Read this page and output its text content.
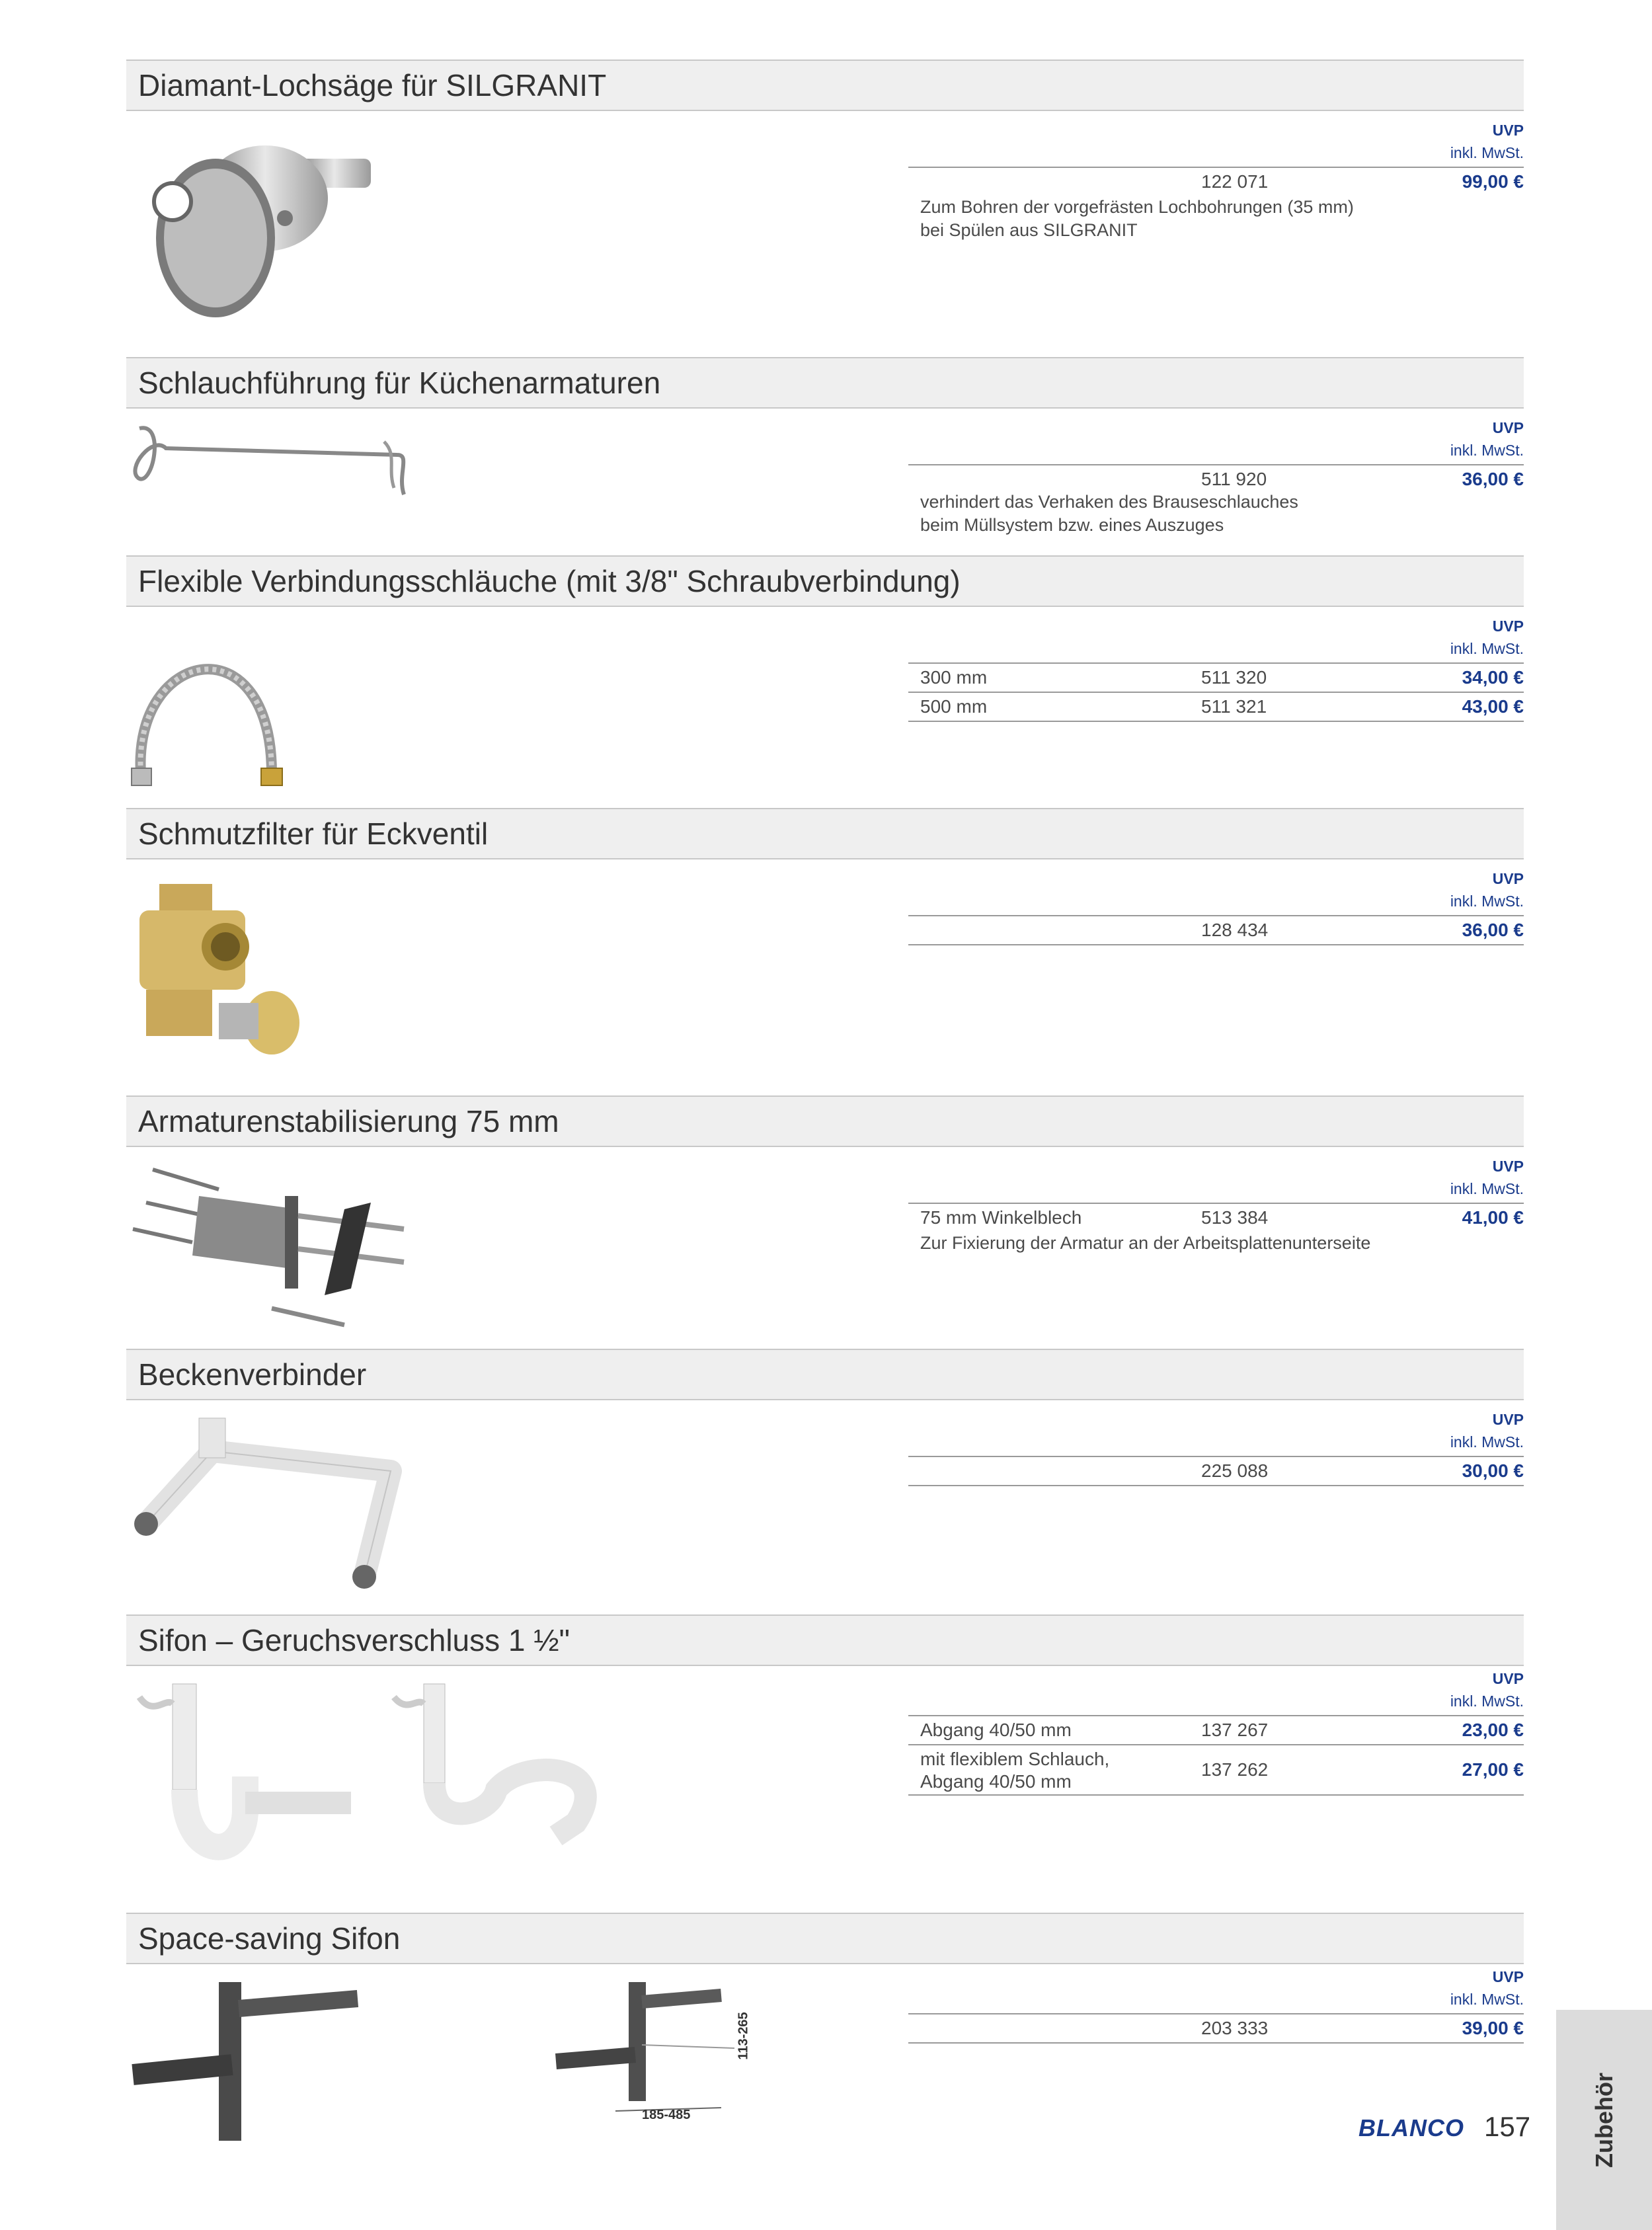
Diamant-Lochsäge für SILGRANIT
UVP
inkl. MwSt.
122 071	99,00 €
Zum Bohren der vorgefrästen Lochbohrungen (35 mm)
bei Spülen aus SILGRANIT
Schlauchführung für Küchenarmaturen
UVP
inkl. MwSt.
511 920	36,00 €
verhindert das Verhaken des Brauseschlauches
beim Müllsystem bzw. eines Auszuges
Flexible Verbindungsschläuche (mit 3/8" Schraubverbindung)
UVP
inkl. MwSt.
300 mm	511 320	34,00 €
500 mm	511 321	43,00 €
Schmutzfilter für Eckventil
UVP
inkl. MwSt.
128 434	36,00 €
Armaturenstabilisierung 75 mm
UVP
inkl. MwSt.
75 mm Winkelblech	513 384	41,00 €
Zur Fixierung der Armatur an der Arbeitsplattenunterseite
Beckenverbinder
UVP
inkl. MwSt.
225 088	30,00 €
Sifon – Geruchsverschluss 1 ½"
UVP
inkl. MwSt.
Abgang 40/50 mm	137 267	23,00 €
mit flexiblem Schlauch,
Abgang 40/50 mm
137 262	27,00 €
Space-saving Sifon
113-265
185-485
UVP
inkl. MwSt.
203 333	39,00 €
BLANCO 157	Zubehör
